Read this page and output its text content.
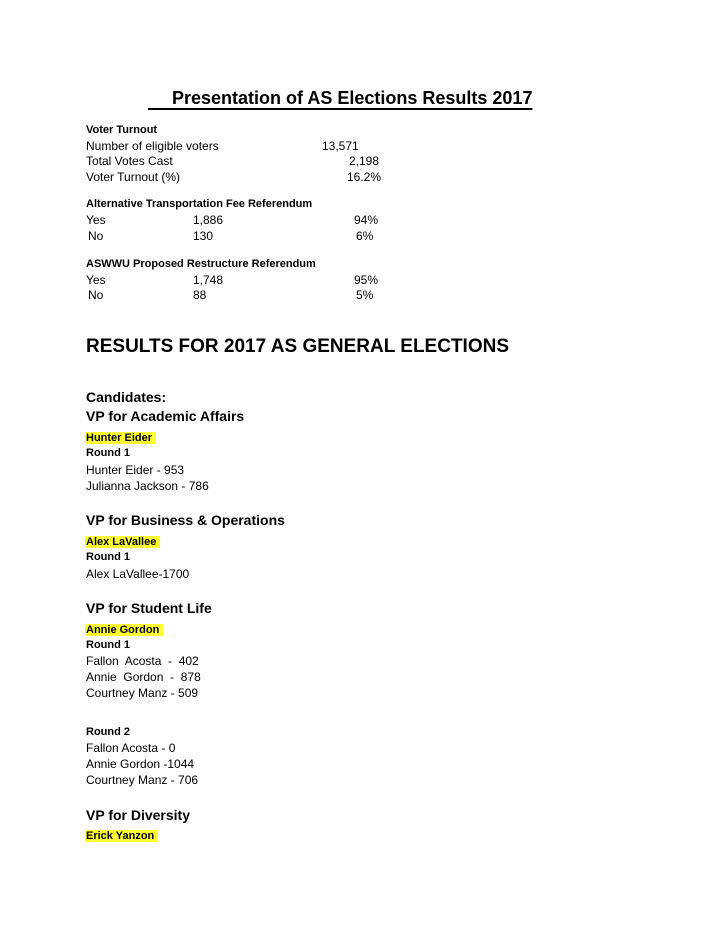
Presentation of AS Elections Results 2017
Voter Turnout
Number of eligible voters	13,571
Total Votes Cast	2,198
Voter Turnout (%)	16.2%
Alternative Transportation Fee Referendum
Yes	1,886	94%
No	130	6%
ASWWU Proposed Restructure Referendum
Yes	1,748	95%
No	88	5%
RESULTS FOR 2017 AS GENERAL ELECTIONS
Candidates:
VP for Academic Affairs
Hunter Eider
Round 1
Hunter Eider - 953
Julianna Jackson - 786
VP for Business & Operations
Alex LaVallee
Round 1
Alex LaVallee-1700
VP for Student Life
Annie Gordon
Round 1
Fallon  Acosta  -  402
Annie  Gordon  -  878
Courtney Manz - 509
Round 2
Fallon Acosta - 0
Annie Gordon -1044
Courtney Manz - 706
VP for Diversity
Erick Yanzon
